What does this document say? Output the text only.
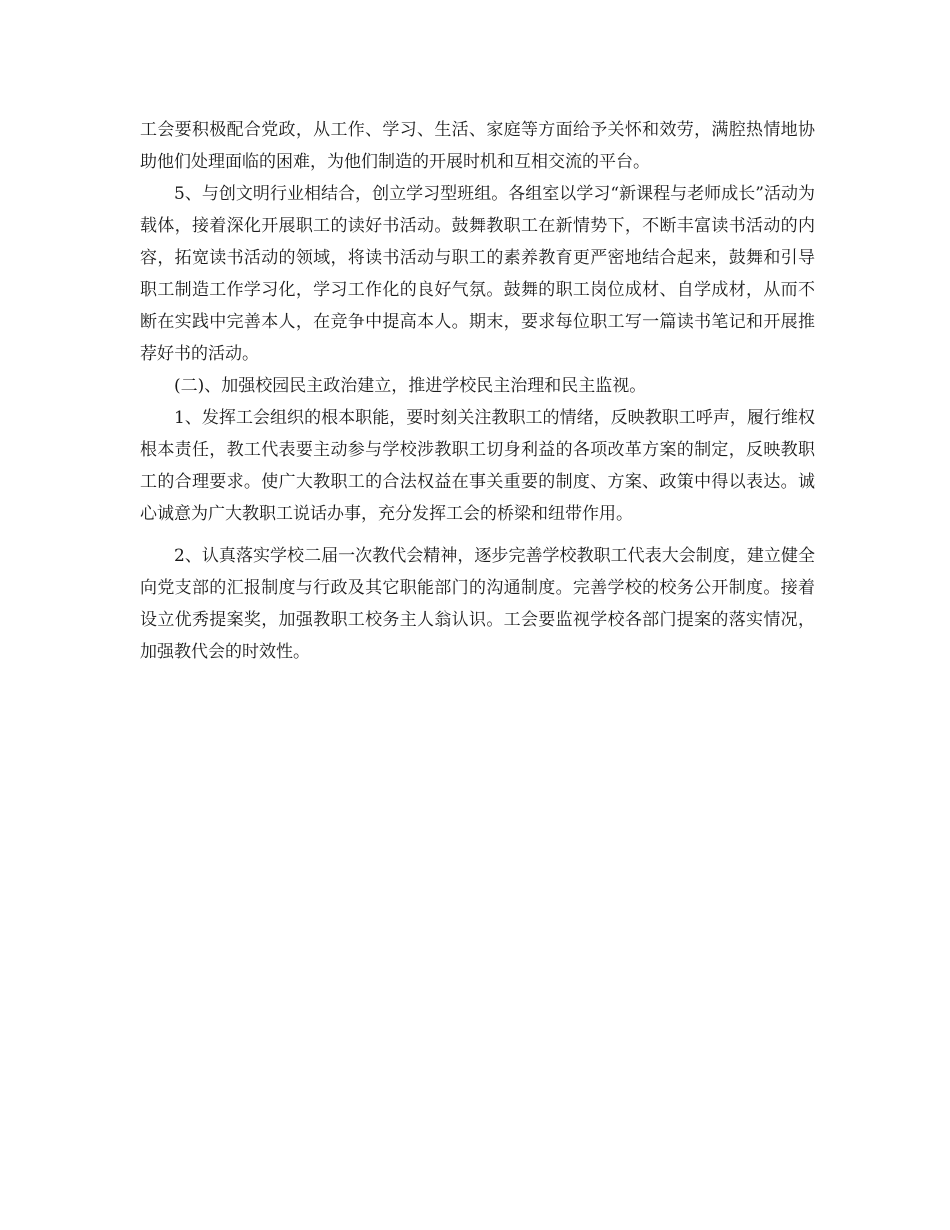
工会要积极配合党政，从工作、学习、生活、家庭等方面给予关怀和效劳，满腔热情地协助他们处理面临的困难，为他们制造的开展时机和互相交流的平台。

5、与创文明行业相结合，创立学习型班组。各组室以学习“新课程与老师成长”活动为载体，接着深化开展职工的读好书活动。鼓舞教职工在新情势下，不断丰富读书活动的内容，拓宽读书活动的领域，将读书活动与职工的素养教育更严密地结合起来，鼓舞和引导职工制造工作学习化，学习工作化的良好气氛。鼓舞的职工岗位成材、自学成材，从而不断在实践中完善本人，在竞争中提高本人。期末，要求每位职工写一篇读书笔记和开展推荐好书的活动。

(二)、加强校园民主政治建立，推进学校民主治理和民主监视。

1、发挥工会组织的根本职能，要时刻关注教职工的情绪，反映教职工呼声，履行维权根本责任，教工代表要主动参与学校涉教职工切身利益的各项改革方案的制定，反映教职工的合理要求。使广大教职工的合法权益在事关重要的制度、方案、政策中得以表达。诚心诚意为广大教职工说话办事，充分发挥工会的桥梁和纽带作用。

2、认真落实学校二届一次教代会精神，逐步完善学校教职工代表大会制度，建立健全向党支部的汇报制度与行政及其它职能部门的沟通制度。完善学校的校务公开制度。接着设立优秀提案奖，加强教职工校务主人翁认识。工会要监视学校各部门提案的落实情况，加强教代会的时效性。
